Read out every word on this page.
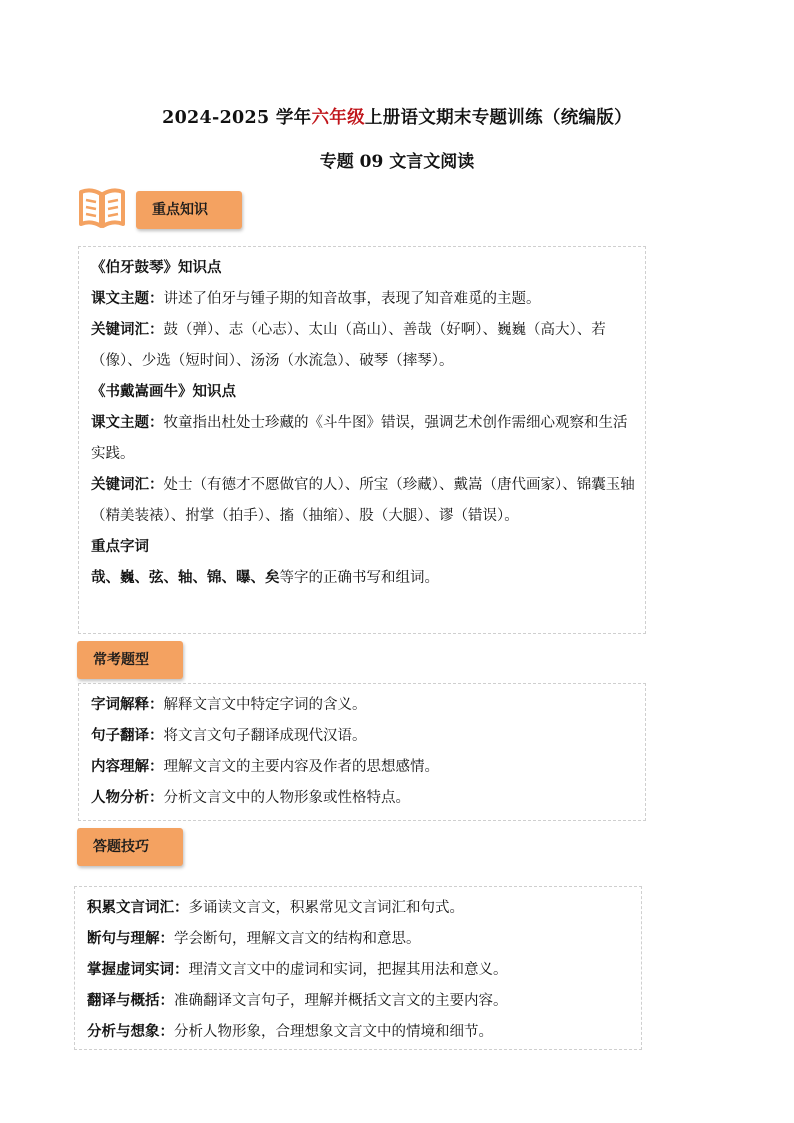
2024-2025 学年六年级上册语文期末专题训练（统编版）
专题 09 文言文阅读
重点知识

《伯牙鼓琴》知识点

课文主题：讲述了伯牙与锺子期的知音故事，表现了知音难觅的主题。

关键词汇：鼓（弹）、志（心志）、太山（高山）、善哉（好啊）、巍巍（高大）、若（像）、少选（短时间）、汤汤（水流急）、破琴（摔琴）。

《书戴嵩画牛》知识点

课文主题：牧童指出杜处士珍藏的《斗牛图》错误，强调艺术创作需细心观察和生活实践。

关键词汇：处士（有德才不愿做官的人）、所宝（珍藏）、戴嵩（唐代画家）、锦囊玉轴（精美装裱）、拊掌（拍手）、搐（抽缩）、股（大腿）、谬（错误）。

重点字词

哉、巍、弦、轴、锦、曝、矣等字的正确书写和组词。

常考题型

字词解释：解释文言文中特定字词的含义。

句子翻译：将文言文句子翻译成现代汉语。

内容理解：理解文言文的主要内容及作者的思想感情。

人物分析：分析文言文中的人物形象或性格特点。

答题技巧

积累文言词汇：多诵读文言文，积累常见文言词汇和句式。

断句与理解：学会断句，理解文言文的结构和意思。

掌握虚词实词：理清文言文中的虚词和实词，把握其用法和意义。

翻译与概括：准确翻译文言句子，理解并概括文言文的主要内容。

分析与想象：分析人物形象，合理想象文言文中的情境和细节。
